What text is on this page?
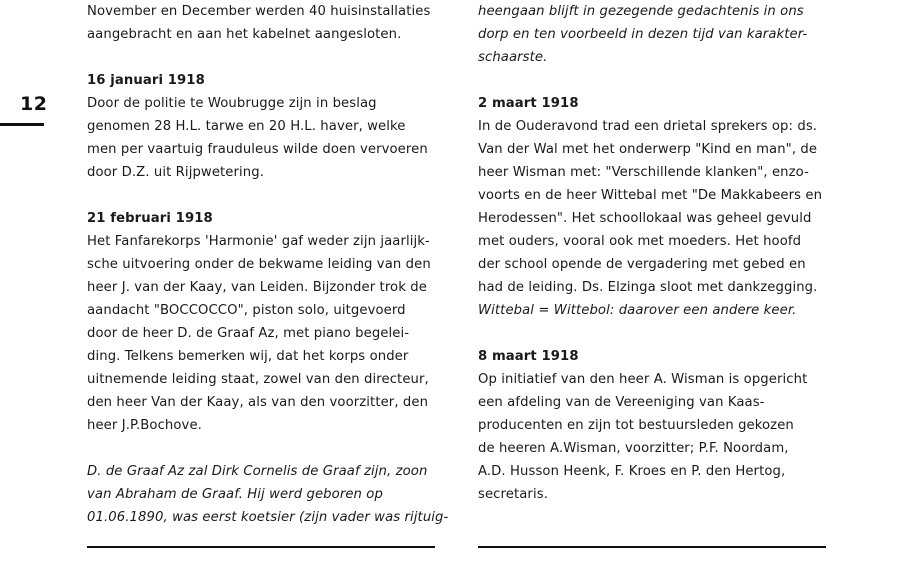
12
November en December werden 40 huisinstallaties
aangebracht en aan het kabelnet aangesloten.
16 januari 1918
Door de politie te Woubrugge zijn in beslag
genomen 28 H.L. tarwe en 20 H.L. haver, welke
men per vaartuig frauduleus wilde doen vervoeren
door D.Z. uit Rijpwetering.
21 februari 1918
Het Fanfarekorps 'Harmonie' gaf weder zijn jaarlijk-
sche uitvoering onder de bekwame leiding van den
heer J. van der Kaay, van Leiden. Bijzonder trok de
aandacht "BOCCOCCO", piston solo, uitgevoerd
door de heer D. de Graaf Az, met piano begelei-
ding. Telkens bemerken wij, dat het korps onder
uitnemende leiding staat, zowel van den directeur,
den heer Van der Kaay, als van den voorzitter, den
heer J.P.Bochove.
D. de Graaf Az zal Dirk Cornelis de Graaf zijn, zoon
van Abraham de Graaf. Hij werd geboren op
01.06.1890, was eerst koetsier (zijn vader was rijtuig-
heengaan blijft in gezegende gedachtenis in ons
dorp en ten voorbeeld in dezen tijd van karakter-
schaarste.
2 maart 1918
In de Ouderavond trad een drietal sprekers op: ds.
Van der Wal met het onderwerp "Kind en man", de
heer Wisman met: "Verschillende klanken", enzo-
voorts en de heer Wittebal met "De Makkabeers en
Herodessen". Het schoollokaal was geheel gevuld
met ouders, vooral ook met moeders. Het hoofd
der school opende de vergadering met gebed en
had de leiding. Ds. Elzinga sloot met dankzegging.
Wittebal = Wittebol: daarover een andere keer.
8 maart 1918
Op initiatief van den heer A. Wisman is opgericht
een afdeling van de Vereeniging van Kaas-
producenten en zijn tot bestuursleden gekozen
de heeren A.Wisman, voorzitter; P.F. Noordam,
A.D. Husson Heenk, F. Kroes en P. den Hertog,
secretaris.
